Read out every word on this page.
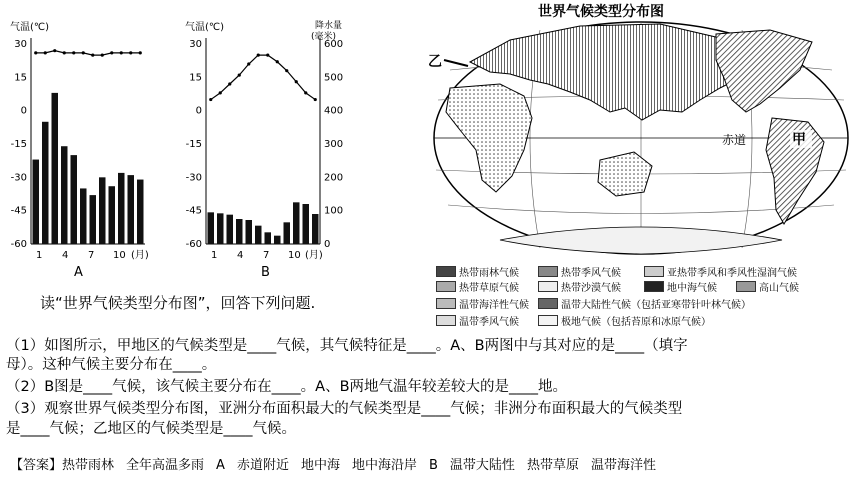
气温(℃)
30
15
0
-15
-30
-45
-60
1 4 7 10 (月)
A
气温(℃)	降水量
(毫米)
30
15
0
-15
-30
-45
-60
600
500
400
300
200
100
0
1 4 7 10 (月)
B
世界气候类型分布图
赤道	甲
乙
热带雨林气候	热带季风气候	亚热带季风和季风性湿润气候
热带草原气候	热带沙漠气候	地中海气候	高山气候
温带海洋性气候	温带大陆性气候（包括亚寒带针叶林气候）
温带季风气候	极地气候（包括苔原和冰原气候）
读“世界气候类型分布图”，回答下列问题.
（1）如图所示，甲地区的气候类型是____气候，其气候特征是____。A、B两图中与其对应的是____（填字
母）。这种气候主要分布在____。
（2）B图是____气候，该气候主要分布在____。A、B两地气温年较差较大的是____地。
（3）观察世界气候类型分布图，亚洲分布面积最大的气候类型是____气候；非洲分布面积最大的气候类型
是____气候；乙地区的气候类型是____气候。
【答案】热带雨林 全年高温多雨 A 赤道附近 地中海 地中海沿岸 B 温带大陆性 热带草原 温带海洋性
